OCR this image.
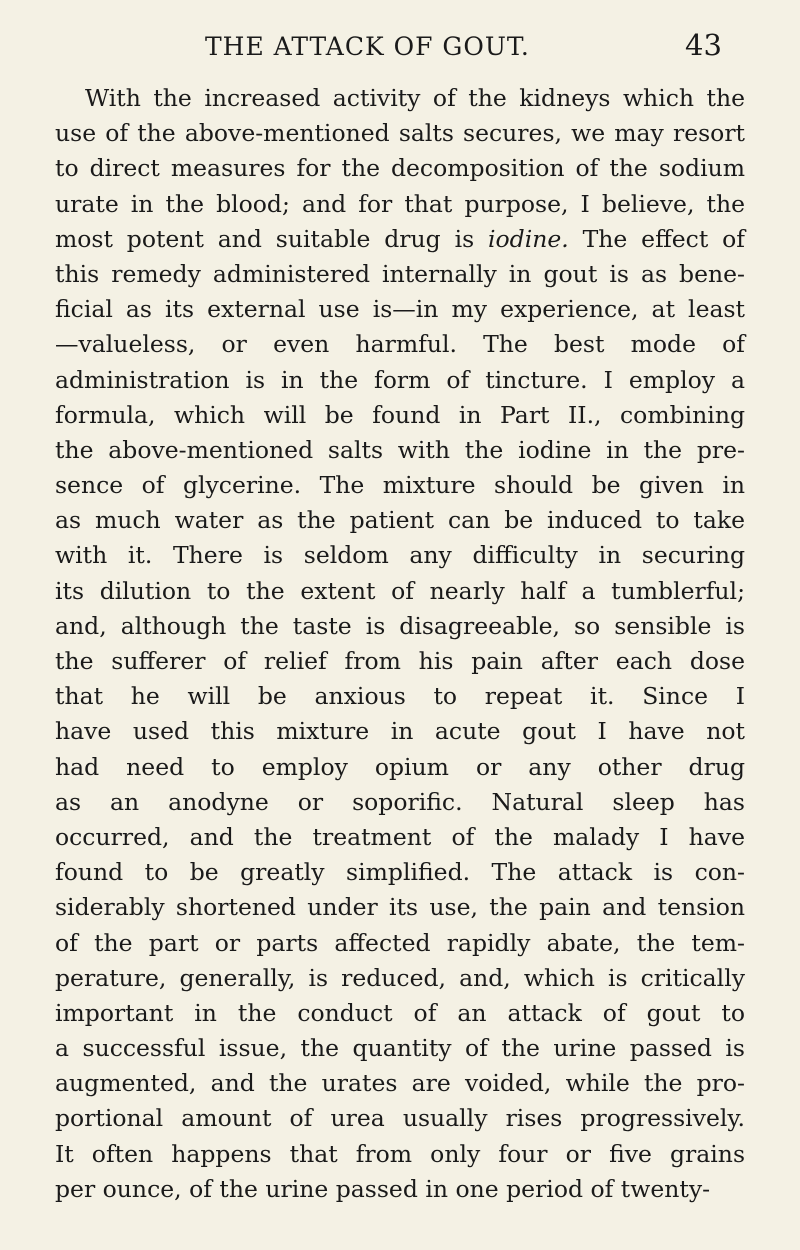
THE ATTACK OF GOUT.	43
With the increased activity of the kidneys which the
use of the above-mentioned salts secures, we may resort
to direct measures for the decomposition of the sodium
urate in the blood; and for that purpose, I believe, the
most potent and suitable drug is iodine. The effect of
this remedy administered internally in gout is as bene-
ficial as its external use is—in my experience, at least
—valueless, or even harmful. The best mode of
administration is in the form of tincture. I employ a
formula, which will be found in Part II., combining
the above-mentioned salts with the iodine in the pre-
sence of glycerine. The mixture should be given in
as much water as the patient can be induced to take
with it. There is seldom any difficulty in securing
its dilution to the extent of nearly half a tumblerful;
and, although the taste is disagreeable, so sensible is
the sufferer of relief from his pain after each dose
that he will be anxious to repeat it. Since I
have used this mixture in acute gout I have not
had need to employ opium or any other drug
as an anodyne or soporific. Natural sleep has
occurred, and the treatment of the malady I have
found to be greatly simplified. The attack is con-
siderably shortened under its use, the pain and tension
of the part or parts affected rapidly abate, the tem-
perature, generally, is reduced, and, which is critically
important in the conduct of an attack of gout to
a successful issue, the quantity of the urine passed is
augmented, and the urates are voided, while the pro-
portional amount of urea usually rises progressively.
It often happens that from only four or five grains
per ounce, of the urine passed in one period of twenty-
